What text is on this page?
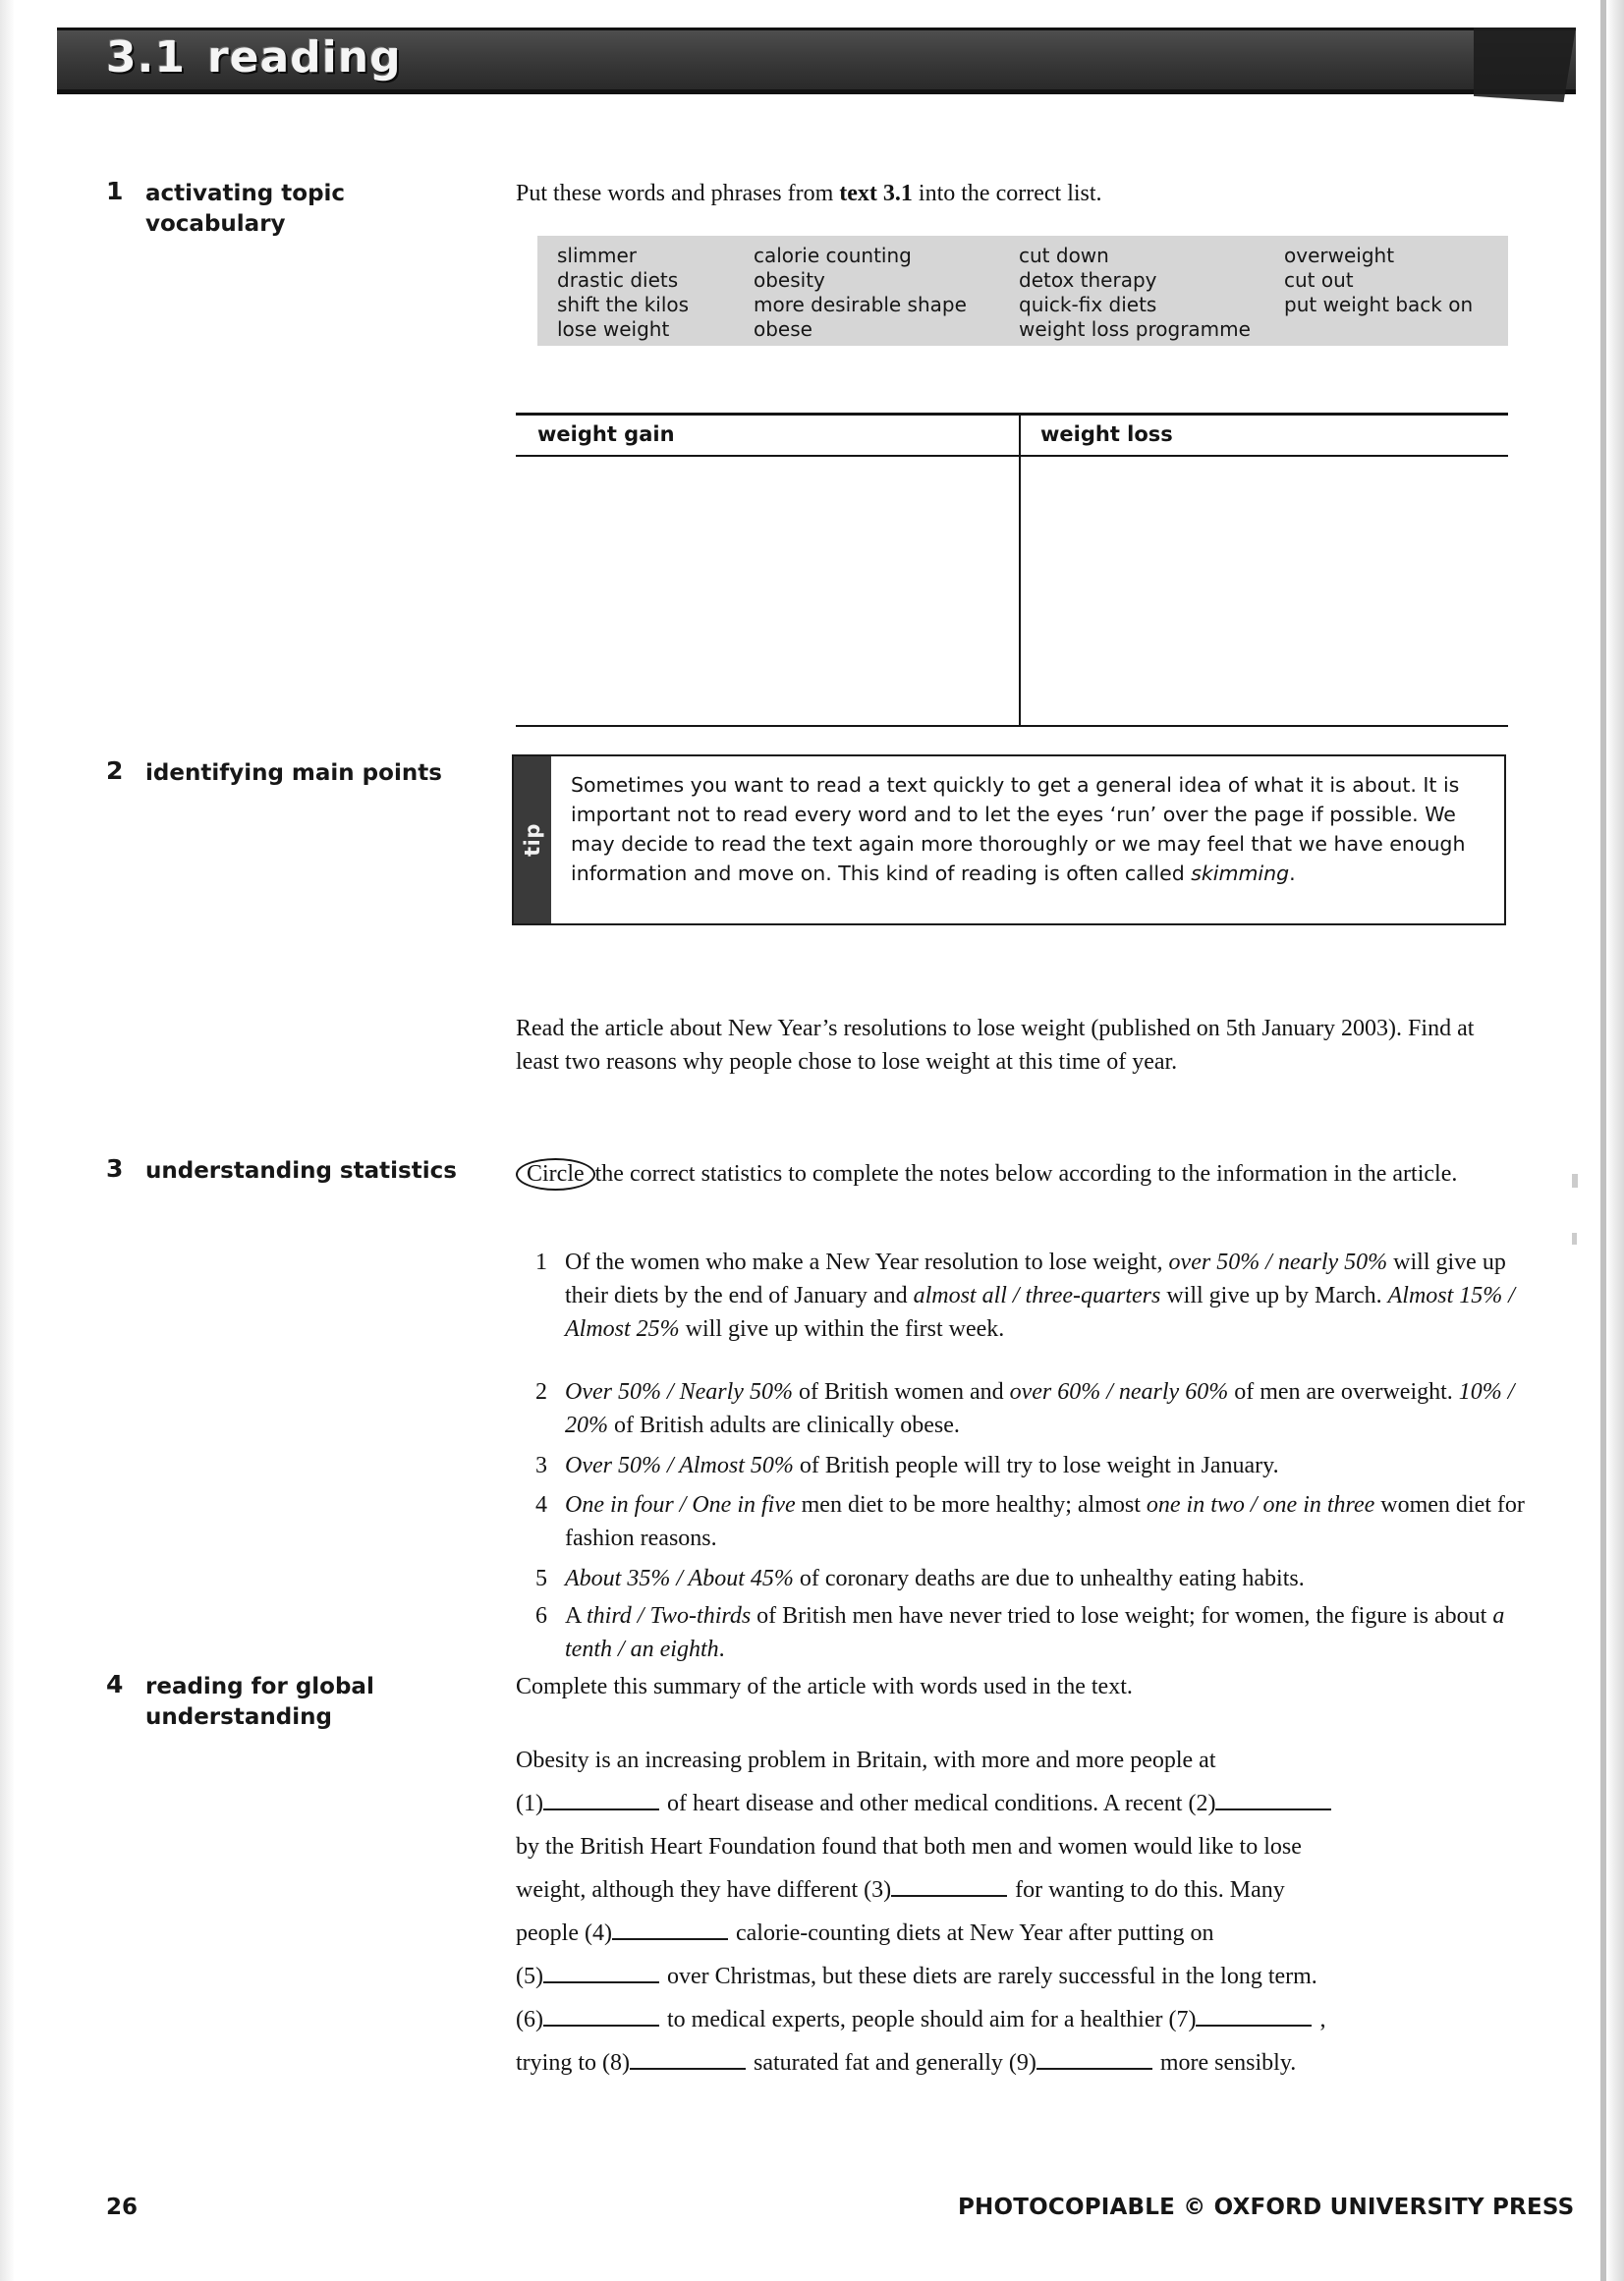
3.1 reading
1 activating topic vocabulary
Put these words and phrases from text 3.1 into the correct list.
slimmer	calorie counting	cut down	overweight
drastic diets	obesity	detox therapy	cut out
shift the kilos	more desirable shape	quick-fix diets	put weight back on
lose weight	obese	weight loss programme
weight gain	weight loss
2 identifying main points
tip
Sometimes you want to read a text quickly to get a general idea of what it is about. It is important not to read every word and to let the eyes ‘run’ over the page if possible. We may decide to read the text again more thoroughly or we may feel that we have enough information and move on. This kind of reading is often called skimming.
Read the article about New Year’s resolutions to lose weight (published on 5th January 2003). Find at least two reasons why people chose to lose weight at this time of year.
3 understanding statistics	Circle the correct statistics to complete the notes below according to the information in the article.
1 Of the women who make a New Year resolution to lose weight, over 50% / nearly 50% will give up their diets by the end of January and almost all / three-quarters will give up by March. Almost 15% / Almost 25% will give up within the first week.
2 Over 50% / Nearly 50% of British women and over 60% / nearly 60% of men are overweight. 10% / 20% of British adults are clinically obese.
3 Over 50% / Almost 50% of British people will try to lose weight in January.
4 One in four / One in five men diet to be more healthy; almost one in two / one in three women diet for fashion reasons.
5 About 35% / About 45% of coronary deaths are due to unhealthy eating habits.
6 A third / Two-thirds of British men have never tried to lose weight; for women, the figure is about a tenth / an eighth.
4 reading for global understanding
Complete this summary of the article with words used in the text.
Obesity is an increasing problem in Britain, with more and more people at
(1)	of heart disease and other medical conditions. A recent (2)
by the British Heart Foundation found that both men and women would like to lose
weight, although they have different (3)	for wanting to do this. Many
people (4)	calorie-counting diets at New Year after putting on
(5)	over Christmas, but these diets are rarely successful in the long term.
(6)	to medical experts, people should aim for a healthier (7)	,
trying to (8)	saturated fat and generally (9)	more sensibly.
26	PHOTOCOPIABLE © OXFORD UNIVERSITY PRESS
